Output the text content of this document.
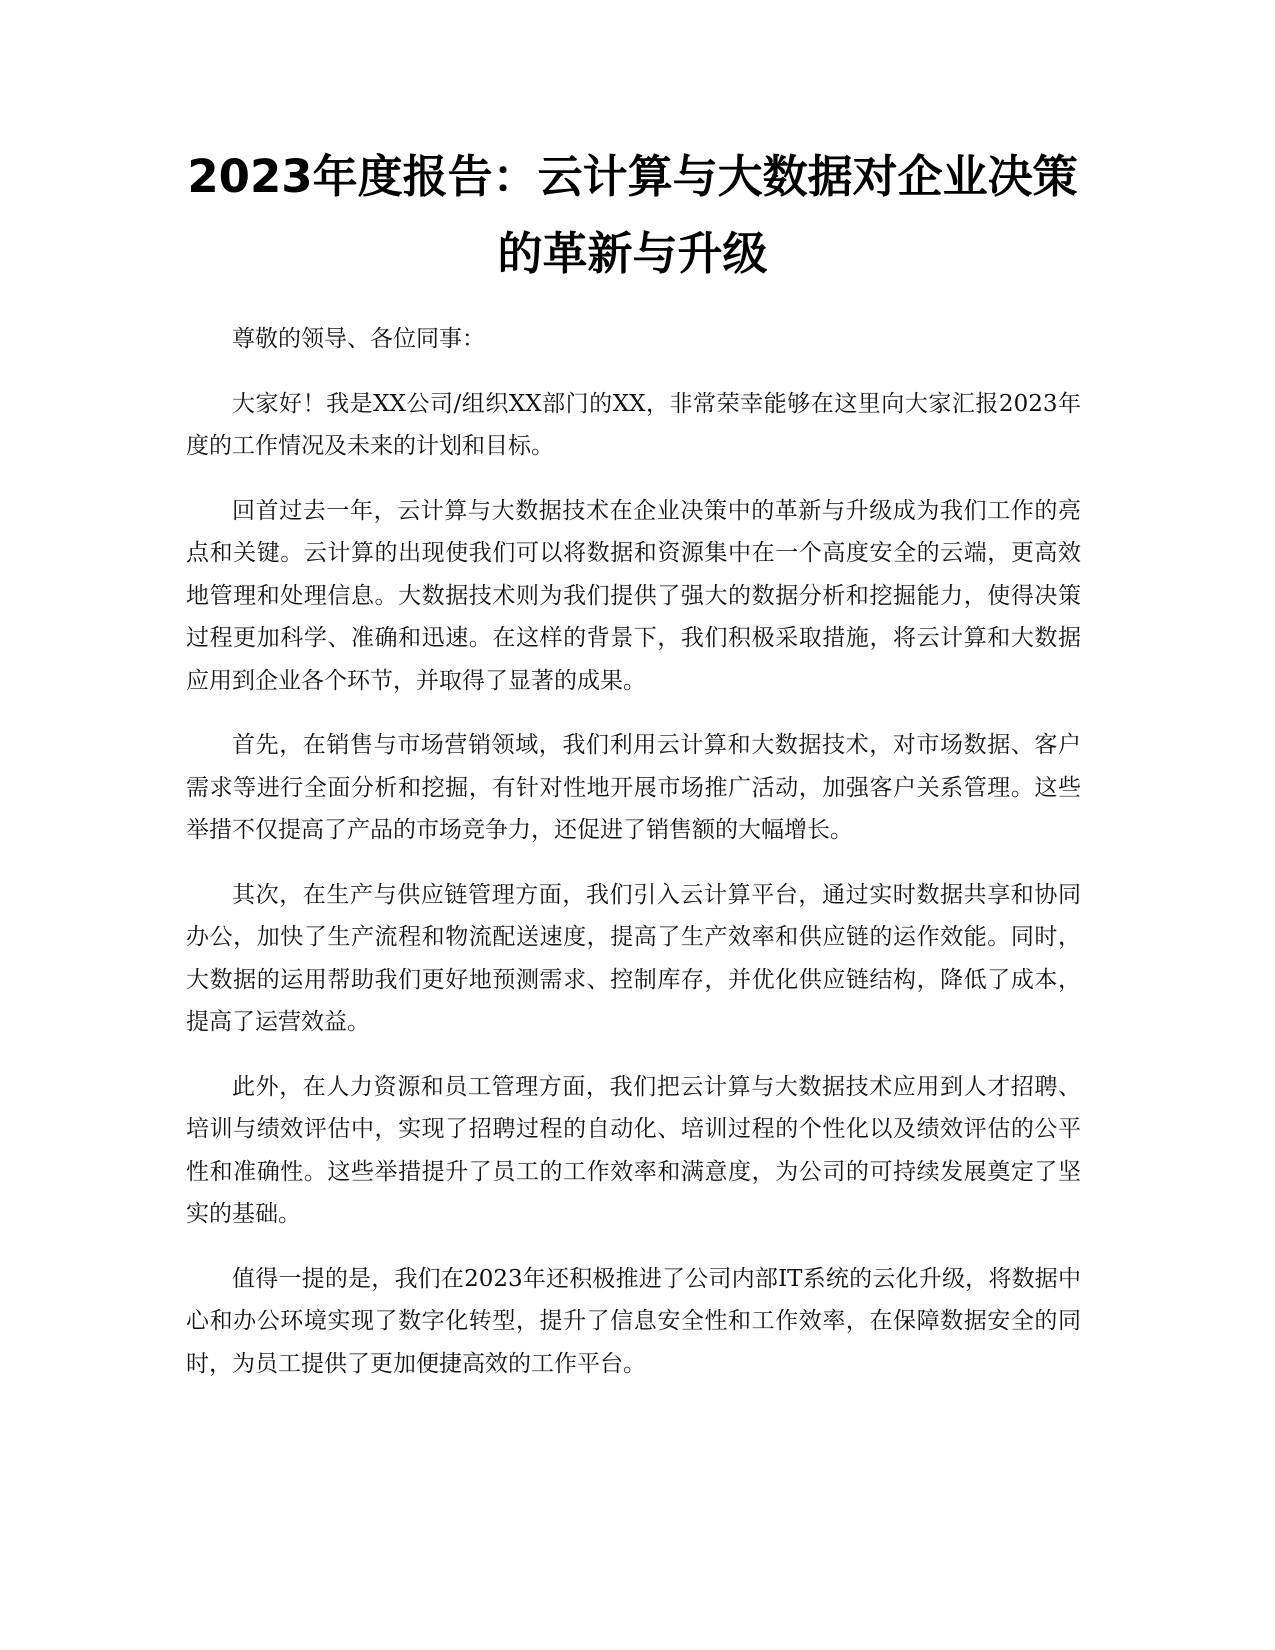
2023年度报告：云计算与大数据对企业决策的革新与升级

尊敬的领导、各位同事：

大家好！我是XX公司/组织XX部门的XX，非常荣幸能够在这里向大家汇报2023年度的工作情况及未来的计划和目标。

回首过去一年，云计算与大数据技术在企业决策中的革新与升级成为我们工作的亮点和关键。云计算的出现使我们可以将数据和资源集中在一个高度安全的云端，更高效地管理和处理信息。大数据技术则为我们提供了强大的数据分析和挖掘能力，使得决策过程更加科学、准确和迅速。在这样的背景下，我们积极采取措施，将云计算和大数据应用到企业各个环节，并取得了显著的成果。

首先，在销售与市场营销领域，我们利用云计算和大数据技术，对市场数据、客户需求等进行全面分析和挖掘，有针对性地开展市场推广活动，加强客户关系管理。这些举措不仅提高了产品的市场竞争力，还促进了销售额的大幅增长。

其次，在生产与供应链管理方面，我们引入云计算平台，通过实时数据共享和协同办公，加快了生产流程和物流配送速度，提高了生产效率和供应链的运作效能。同时，大数据的运用帮助我们更好地预测需求、控制库存，并优化供应链结构，降低了成本，提高了运营效益。

此外，在人力资源和员工管理方面，我们把云计算与大数据技术应用到人才招聘、培训与绩效评估中，实现了招聘过程的自动化、培训过程的个性化以及绩效评估的公平性和准确性。这些举措提升了员工的工作效率和满意度，为公司的可持续发展奠定了坚实的基础。

值得一提的是，我们在2023年还积极推进了公司内部IT系统的云化升级，将数据中心和办公环境实现了数字化转型，提升了信息安全性和工作效率，在保障数据安全的同时，为员工提供了更加便捷高效的工作平台。
